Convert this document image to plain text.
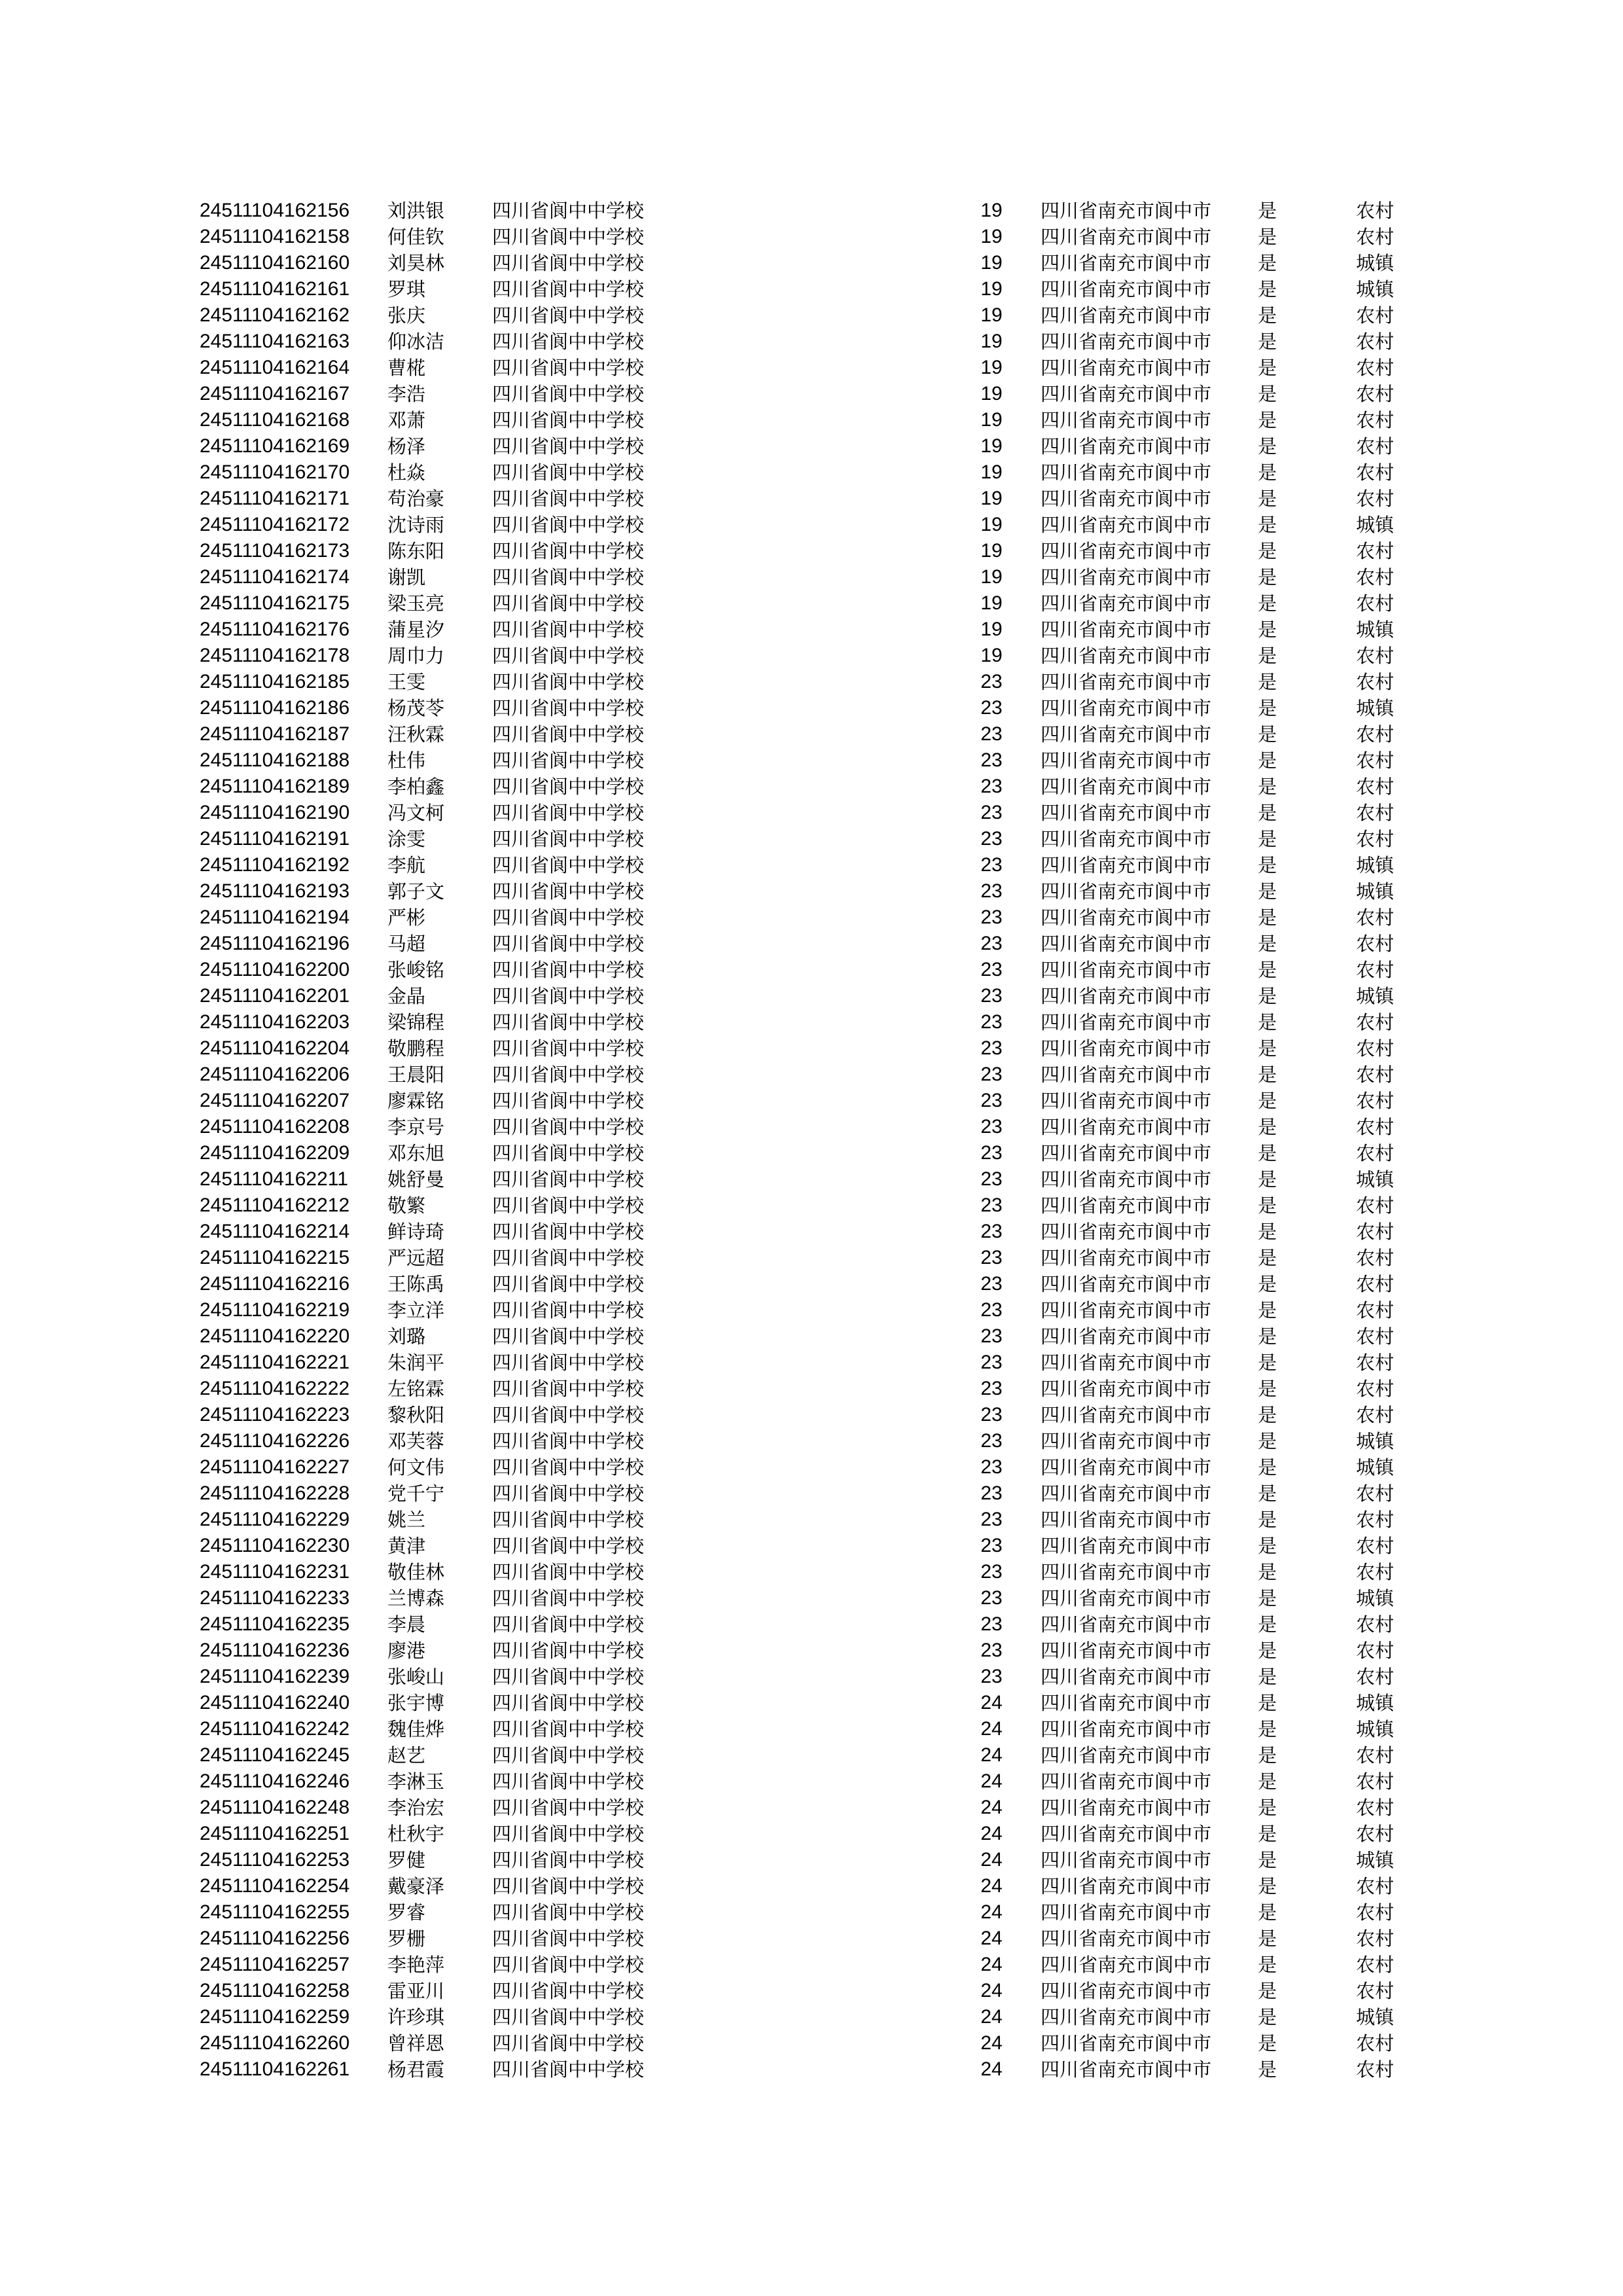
24511104162156 刘洪银	四川省阆中中学校	19	四川省南充市阆中市 是	农村
24511104162158 何佳钦	四川省阆中中学校	19	四川省南充市阆中市 是	农村
24511104162160 刘昊林	四川省阆中中学校	19	四川省南充市阆中市 是	城镇
24511104162161 罗琪	四川省阆中中学校	19	四川省南充市阆中市 是	城镇
24511104162162 张庆	四川省阆中中学校	19	四川省南充市阆中市 是	农村
24511104162163 仰冰洁	四川省阆中中学校	19	四川省南充市阆中市 是	农村
24511104162164 曹椛	四川省阆中中学校	19	四川省南充市阆中市 是	农村
24511104162167 李浩	四川省阆中中学校	19	四川省南充市阆中市 是	农村
24511104162168 邓萧	四川省阆中中学校	19	四川省南充市阆中市 是	农村
24511104162169 杨泽	四川省阆中中学校	19	四川省南充市阆中市 是	农村
24511104162170 杜焱	四川省阆中中学校	19	四川省南充市阆中市 是	农村
24511104162171 苟治豪	四川省阆中中学校	19	四川省南充市阆中市 是	农村
24511104162172 沈诗雨	四川省阆中中学校	19	四川省南充市阆中市 是	城镇
24511104162173 陈东阳	四川省阆中中学校	19	四川省南充市阆中市 是	农村
24511104162174 谢凯	四川省阆中中学校	19	四川省南充市阆中市 是	农村
24511104162175 梁玉亮	四川省阆中中学校	19	四川省南充市阆中市 是	农村
24511104162176 蒲星汐	四川省阆中中学校	19	四川省南充市阆中市 是	城镇
24511104162178 周巾力	四川省阆中中学校	19	四川省南充市阆中市 是	农村
24511104162185 王雯	四川省阆中中学校	23	四川省南充市阆中市 是	农村
24511104162186 杨茂苓	四川省阆中中学校	23	四川省南充市阆中市 是	城镇
24511104162187 汪秋霖	四川省阆中中学校	23	四川省南充市阆中市 是	农村
24511104162188 杜伟	四川省阆中中学校	23	四川省南充市阆中市 是	农村
24511104162189 李柏鑫	四川省阆中中学校	23	四川省南充市阆中市 是	农村
24511104162190 冯文柯	四川省阆中中学校	23	四川省南充市阆中市 是	农村
24511104162191 涂雯	四川省阆中中学校	23	四川省南充市阆中市 是	农村
24511104162192 李航	四川省阆中中学校	23	四川省南充市阆中市 是	城镇
24511104162193 郭子文	四川省阆中中学校	23	四川省南充市阆中市 是	城镇
24511104162194 严彬	四川省阆中中学校	23	四川省南充市阆中市 是	农村
24511104162196 马超	四川省阆中中学校	23	四川省南充市阆中市 是	农村
24511104162200 张峻铭	四川省阆中中学校	23	四川省南充市阆中市 是	农村
24511104162201 金晶	四川省阆中中学校	23	四川省南充市阆中市 是	城镇
24511104162203 梁锦程	四川省阆中中学校	23	四川省南充市阆中市 是	农村
24511104162204 敬鹏程	四川省阆中中学校	23	四川省南充市阆中市 是	农村
24511104162206 王晨阳	四川省阆中中学校	23	四川省南充市阆中市 是	农村
24511104162207 廖霖铭	四川省阆中中学校	23	四川省南充市阆中市 是	农村
24511104162208 李京号	四川省阆中中学校	23	四川省南充市阆中市 是	农村
24511104162209 邓东旭	四川省阆中中学校	23	四川省南充市阆中市 是	农村
24511104162211 姚舒曼	四川省阆中中学校	23	四川省南充市阆中市 是	城镇
24511104162212 敬繁	四川省阆中中学校	23	四川省南充市阆中市 是	农村
24511104162214 鲜诗琦	四川省阆中中学校	23	四川省南充市阆中市 是	农村
24511104162215 严远超	四川省阆中中学校	23	四川省南充市阆中市 是	农村
24511104162216 王陈禹	四川省阆中中学校	23	四川省南充市阆中市 是	农村
24511104162219 李立洋	四川省阆中中学校	23	四川省南充市阆中市 是	农村
24511104162220 刘璐	四川省阆中中学校	23	四川省南充市阆中市 是	农村
24511104162221 朱润平	四川省阆中中学校	23	四川省南充市阆中市 是	农村
24511104162222 左铭霖	四川省阆中中学校	23	四川省南充市阆中市 是	农村
24511104162223 黎秋阳	四川省阆中中学校	23	四川省南充市阆中市 是	农村
24511104162226 邓芙蓉	四川省阆中中学校	23	四川省南充市阆中市 是	城镇
24511104162227 何文伟	四川省阆中中学校	23	四川省南充市阆中市 是	城镇
24511104162228 党千宁	四川省阆中中学校	23	四川省南充市阆中市 是	农村
24511104162229 姚兰	四川省阆中中学校	23	四川省南充市阆中市 是	农村
24511104162230 黄津	四川省阆中中学校	23	四川省南充市阆中市 是	农村
24511104162231 敬佳林	四川省阆中中学校	23	四川省南充市阆中市 是	农村
24511104162233 兰博森	四川省阆中中学校	23	四川省南充市阆中市 是	城镇
24511104162235 李晨	四川省阆中中学校	23	四川省南充市阆中市 是	农村
24511104162236 廖港	四川省阆中中学校	23	四川省南充市阆中市 是	农村
24511104162239 张峻山	四川省阆中中学校	23	四川省南充市阆中市 是	农村
24511104162240 张宇博	四川省阆中中学校	24	四川省南充市阆中市 是	城镇
24511104162242 魏佳烨	四川省阆中中学校	24	四川省南充市阆中市 是	城镇
24511104162245 赵艺	四川省阆中中学校	24	四川省南充市阆中市 是	农村
24511104162246 李淋玉	四川省阆中中学校	24	四川省南充市阆中市 是	农村
24511104162248 李治宏	四川省阆中中学校	24	四川省南充市阆中市 是	农村
24511104162251 杜秋宇	四川省阆中中学校	24	四川省南充市阆中市 是	农村
24511104162253 罗健	四川省阆中中学校	24	四川省南充市阆中市 是	城镇
24511104162254 戴豪泽	四川省阆中中学校	24	四川省南充市阆中市 是	农村
24511104162255 罗睿	四川省阆中中学校	24	四川省南充市阆中市 是	农村
24511104162256 罗栅	四川省阆中中学校	24	四川省南充市阆中市 是	农村
24511104162257 李艳萍	四川省阆中中学校	24	四川省南充市阆中市 是	农村
24511104162258 雷亚川	四川省阆中中学校	24	四川省南充市阆中市 是	农村
24511104162259 许珍琪	四川省阆中中学校	24	四川省南充市阆中市 是	城镇
24511104162260 曾祥恩	四川省阆中中学校	24	四川省南充市阆中市 是	农村
24511104162261 杨君霞	四川省阆中中学校	24	四川省南充市阆中市 是	农村
